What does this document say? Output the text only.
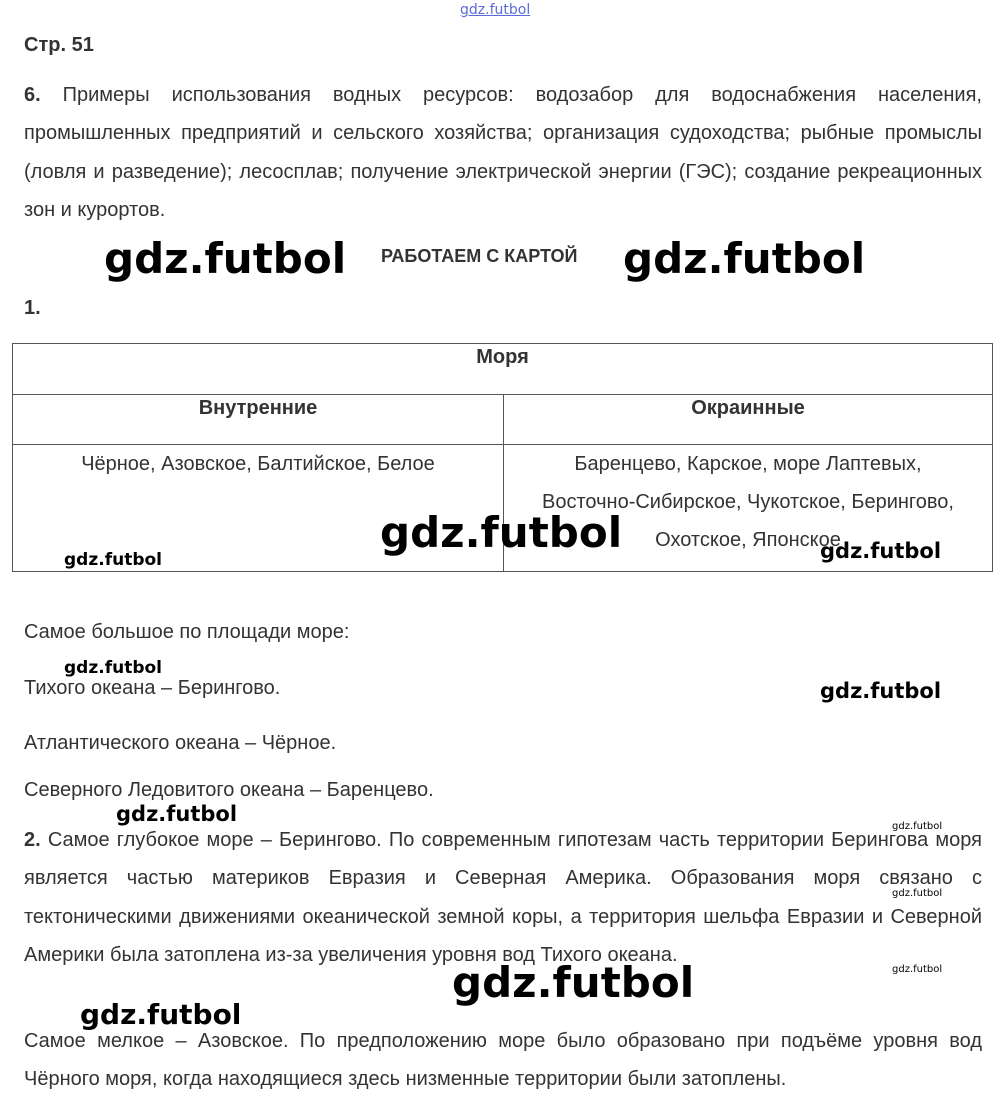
gdz.futbol
Стр. 51
6. Примеры использования водных ресурсов: водозабор для водоснабжения населения, промышленных предприятий и сельского хозяйства; организация судоходства; рыбные промыслы (ловля и разведение); лесосплав; получение электрической энергии (ГЭС); создание рекреационных зон и курортов.
РАБОТАЕМ С КАРТОЙ
1.
Моря	

Внутренние	Окраинные

Чёрное, Азовское, Балтийское, Белое	Баренцево, Карское, море Лаптевых,
Восточно-Сибирское, Чукотское, Берингово,
Охотское, Японское
Самое большое по площади море:
Тихого океана – Берингово.
Атлантического океана – Чёрное.
Северного Ледовитого океана – Баренцево.
2. Самое глубокое море – Берингово. По современным гипотезам часть территории Берингова моря является частью материков Евразия и Северная Америка. Образования моря связано с тектоническими движениями океанической земной коры, а территория шельфа Евразии и Северной Америки была затоплена из-за увеличения уровня вод Тихого океана.
Самое мелкое – Азовское. По предположению море было образовано при подъёме уровня вод Чёрного моря, когда находящиеся здесь низменные территории были затоплены.
gdz.futbol	gdz.futbol
gdz.futbol
gdz.futbol
gdz.futbol	gdz.futbol
gdz.futbol
gdz.futbol
gdz.futbol
gdz.futbol
gdz.futbol
gdz.futbol
gdz.futbol
